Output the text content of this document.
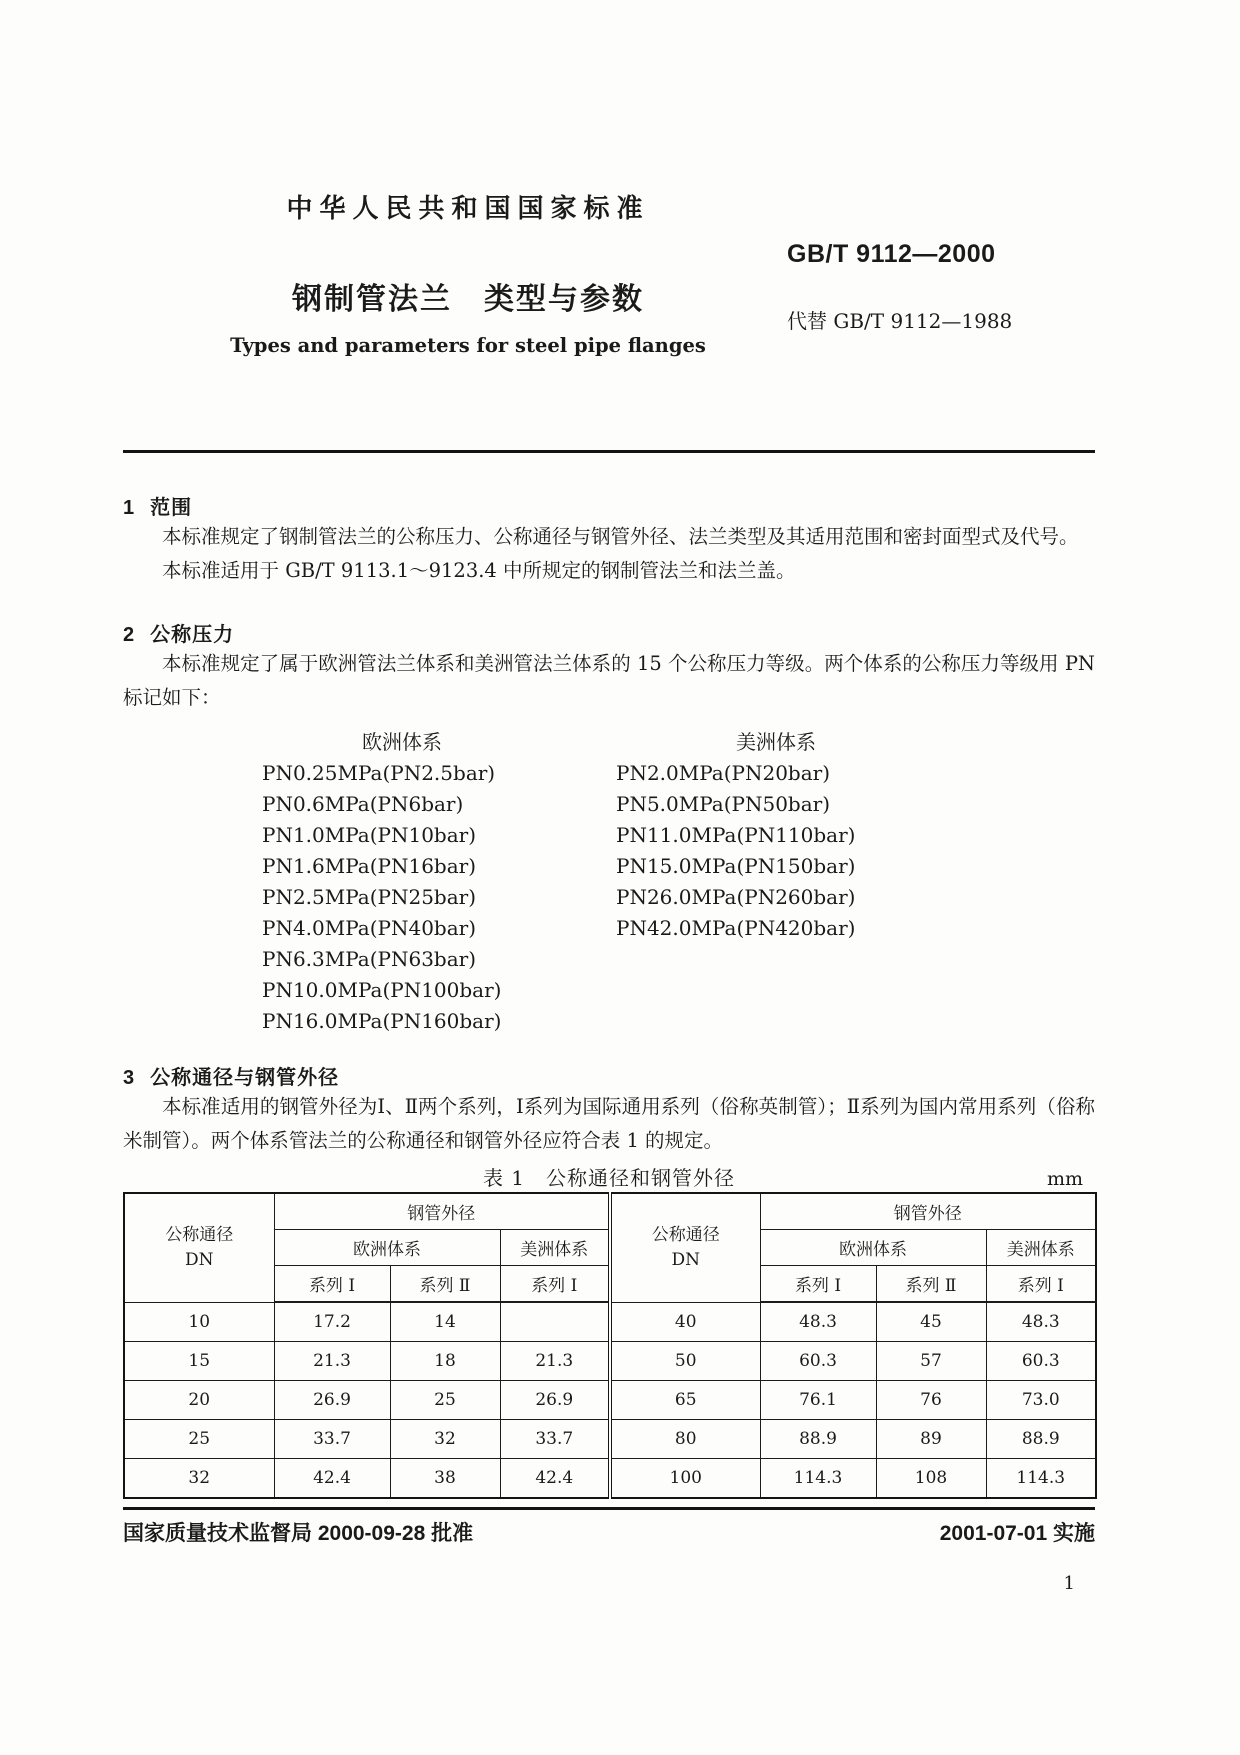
中华人民共和国国家标准
GB/T 9112—2000
钢制管法兰　类型与参数
代替 GB/T 9112—1988
Types and parameters for steel pipe flanges
1 范围

本标准规定了钢制管法兰的公称压力、公称通径与钢管外径、法兰类型及其适用范围和密封面型式及代号。

本标准适用于 GB/T 9113.1～9123.4 中所规定的钢制管法兰和法兰盖。

2 公称压力

本标准规定了属于欧洲管法兰体系和美洲管法兰体系的 15 个公称压力等级。两个体系的公称压力等级用 PN 标记如下：

欧洲体系
PN0.25MPa(PN2.5bar)
PN0.6MPa(PN6bar)
PN1.0MPa(PN10bar)
PN1.6MPa(PN16bar)
PN2.5MPa(PN25bar)
PN4.0MPa(PN40bar)
PN6.3MPa(PN63bar)
PN10.0MPa(PN100bar)
PN16.0MPa(PN160bar)
美洲体系
PN2.0MPa(PN20bar)
PN5.0MPa(PN50bar)
PN11.0MPa(PN110bar)
PN15.0MPa(PN150bar)
PN26.0MPa(PN260bar)
PN42.0MPa(PN420bar)
3 公称通径与钢管外径

本标准适用的钢管外径为Ⅰ、Ⅱ两个系列，Ⅰ系列为国际通用系列（俗称英制管）；Ⅱ系列为国内常用系列（俗称米制管）。两个体系管法兰的公称通径和钢管外径应符合表 1 的规定。

表 1　公称通径和钢管外径	mm
公称通径
DN
	钢管外径	
公称通径
DN
	钢管外径
	欧洲体系		美洲体系		欧洲体系		美洲体系
	系列 Ⅰ	系列 Ⅱ	系列 Ⅰ		系列 Ⅰ	系列 Ⅱ	系列 Ⅰ
10	17.2	14		40	48.3	45	48.3
15	21.3	18	21.3	50	60.3	57	60.3
20	26.9	25	26.9	65	76.1	76	73.0
25	33.7	32	33.7	80	88.9	89	88.9
32	42.4	38	42.4	100	114.3	108	114.3
国家质量技术监督局 2000-09-28 批准	2001-07-01 实施
1
